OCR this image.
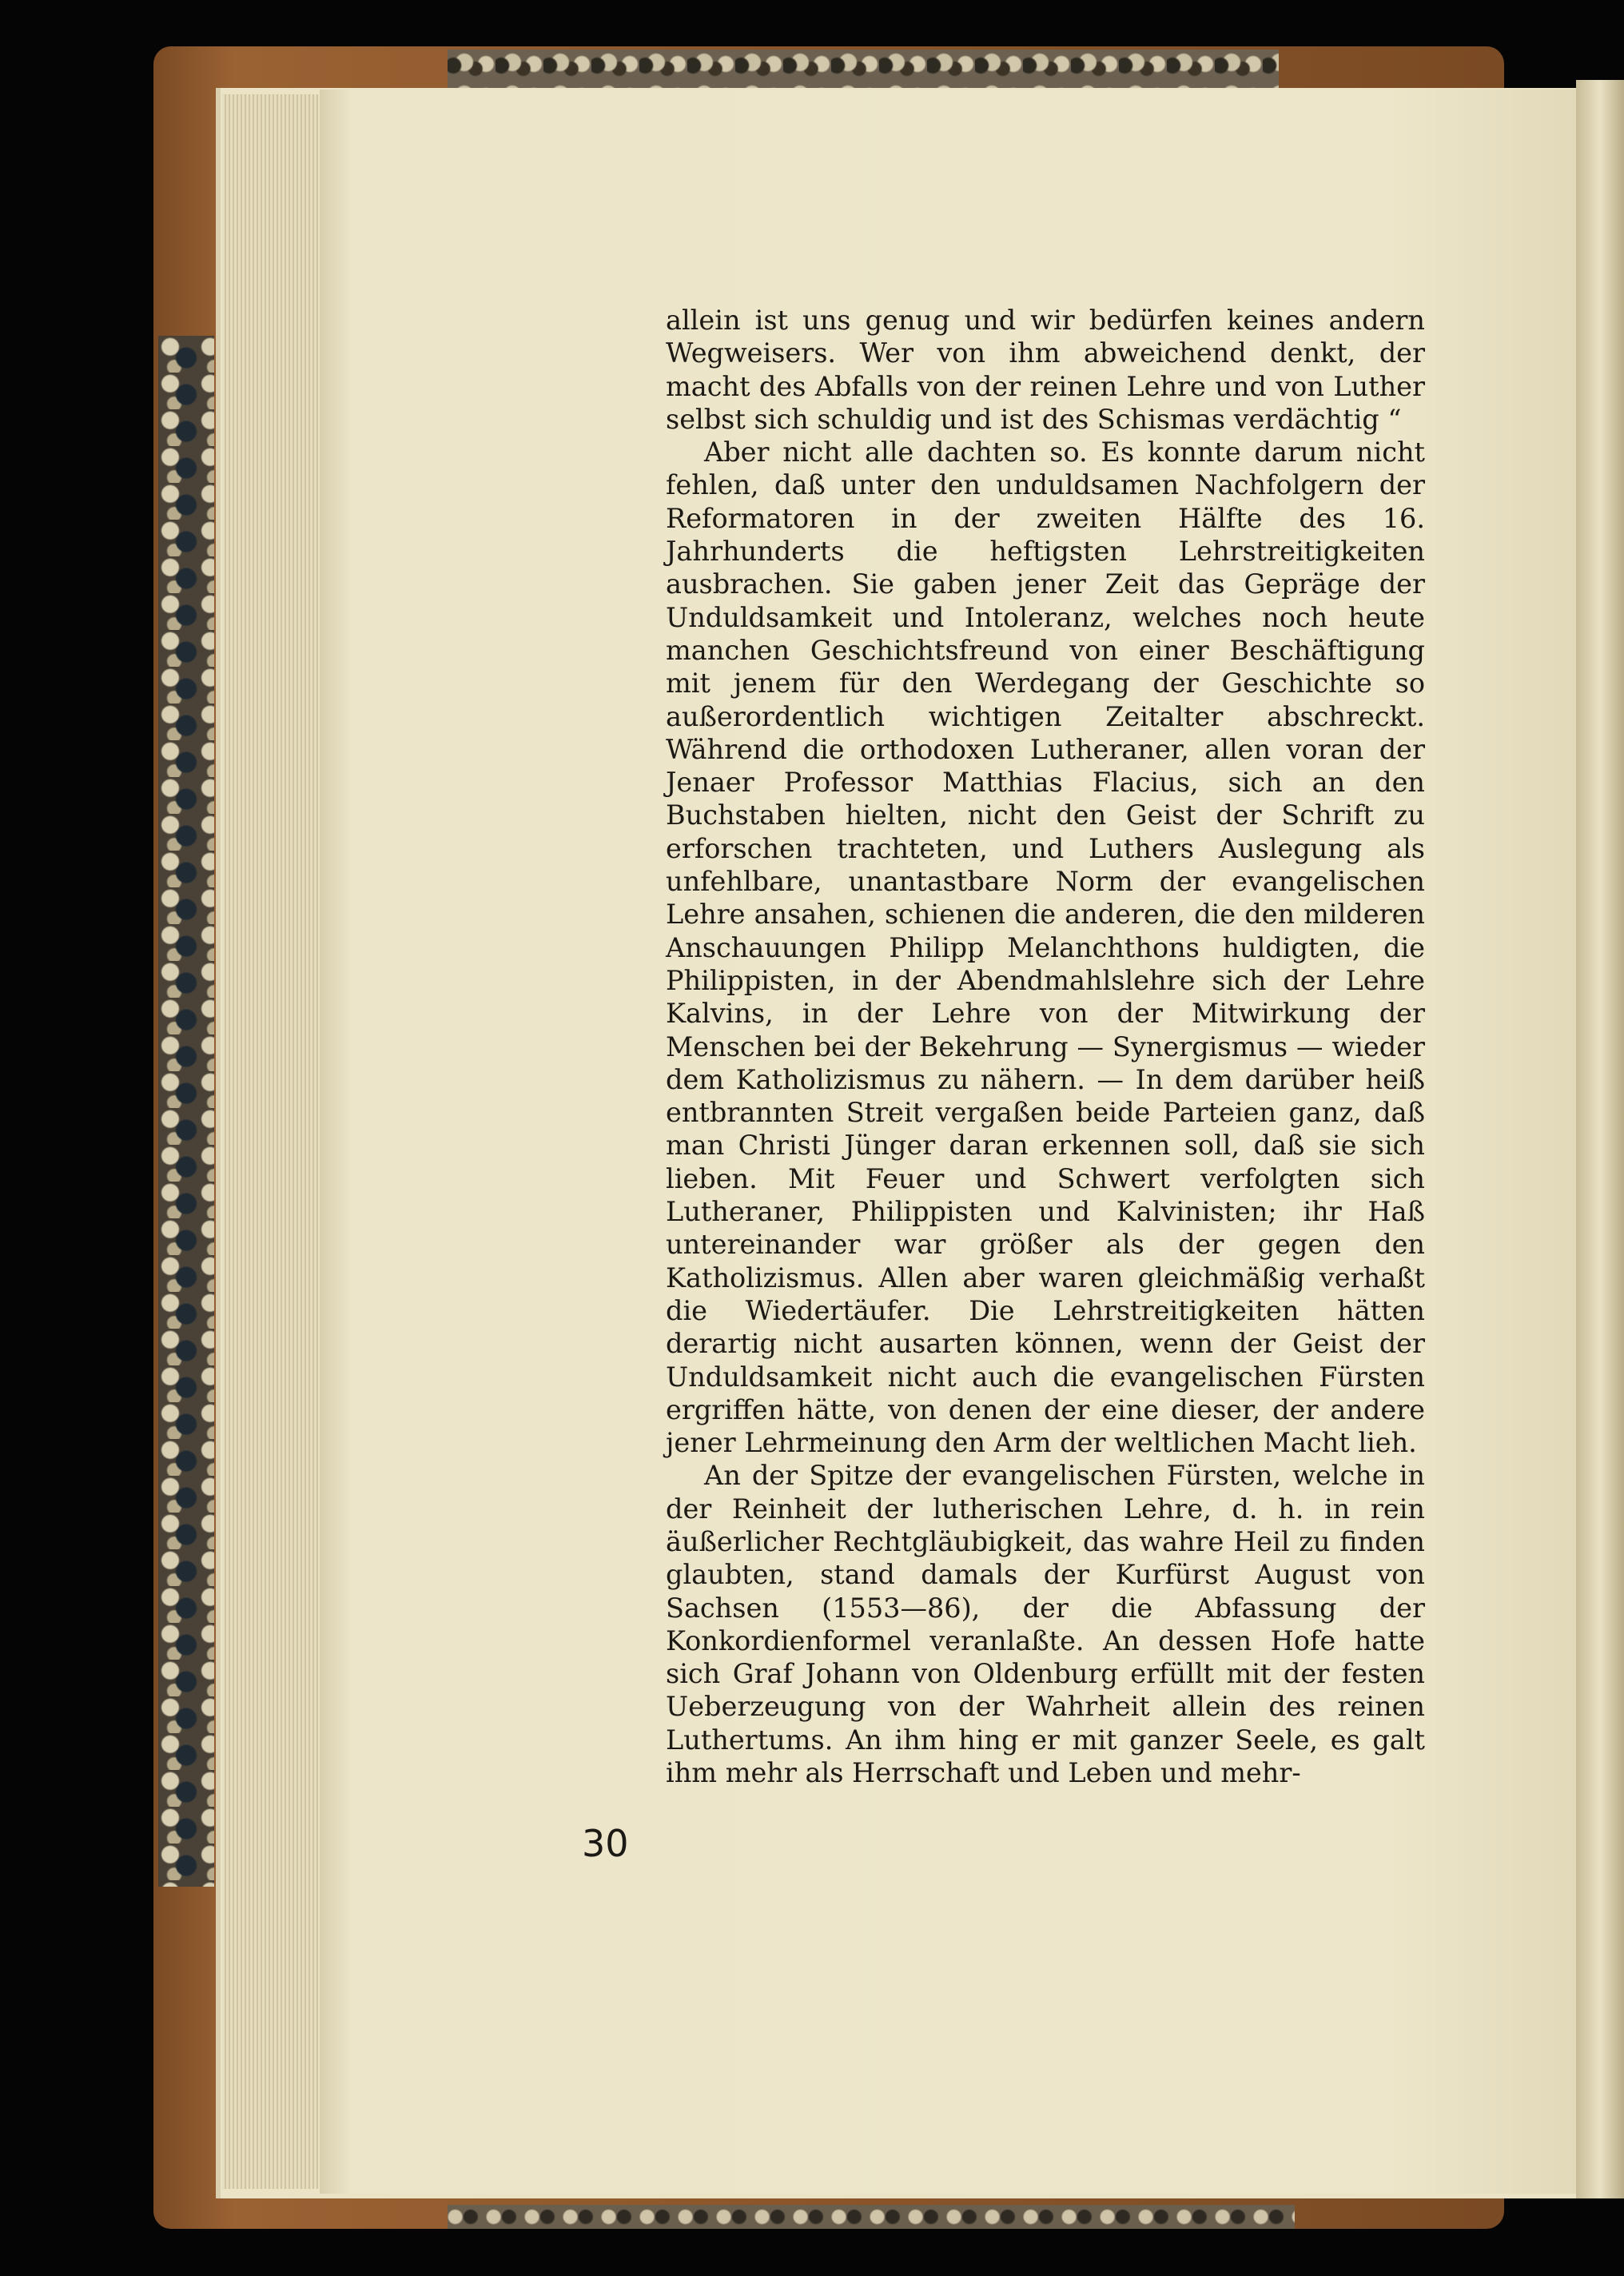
allein ist uns genug und wir bedürfen keines andern Wegweisers. Wer von ihm abweichend denkt, der macht des Abfalls von der reinen Lehre und von Luther selbst sich schuldig und ist des Schismas verdächtig “

Aber nicht alle dachten so. Es konnte darum nicht fehlen, daß unter den unduldsamen Nachfolgern der Reformatoren in der zweiten Hälfte des 16. Jahrhunderts die heftigsten Lehrstreitigkeiten ausbrachen. Sie gaben jener Zeit das Gepräge der Unduldsamkeit und Intoleranz, welches noch heute manchen Geschichtsfreund von einer Beschäftigung mit jenem für den Werdegang der Geschichte so außerordentlich wichtigen Zeitalter abschreckt. Während die orthodoxen Lutheraner, allen voran der Jenaer Professor Matthias Flacius, sich an den Buchstaben hielten, nicht den Geist der Schrift zu erforschen trachteten, und Luthers Auslegung als unfehlbare, unantastbare Norm der evangelischen Lehre ansahen, schienen die anderen, die den milderen Anschauungen Philipp Melanchthons huldigten, die Philippisten, in der Abendmahlslehre sich der Lehre Kalvins, in der Lehre von der Mitwirkung der Menschen bei der Bekehrung — Synergismus — wieder dem Katholizismus zu nähern. — In dem darüber heiß entbrannten Streit vergaßen beide Parteien ganz, daß man Christi Jünger daran erkennen soll, daß sie sich lieben. Mit Feuer und Schwert verfolgten sich Lutheraner, Philippisten und Kalvinisten; ihr Haß untereinander war größer als der gegen den Katholizismus. Allen aber waren gleichmäßig verhaßt die Wiedertäufer. Die Lehrstreitigkeiten hätten derartig nicht ausarten können, wenn der Geist der Unduldsamkeit nicht auch die evangelischen Fürsten ergriffen hätte, von denen der eine dieser, der andere jener Lehrmeinung den Arm der weltlichen Macht lieh.

An der Spitze der evangelischen Fürsten, welche in der Reinheit der lutherischen Lehre, d. h. in rein äußerlicher Rechtgläubigkeit, das wahre Heil zu finden glaubten, stand damals der Kurfürst August von Sachsen (1553—86), der die Abfassung der Konkordienformel veranlaßte. An dessen Hofe hatte sich Graf Johann von Oldenburg erfüllt mit der festen Ueberzeugung von der Wahrheit allein des reinen Luthertums. An ihm hing er mit ganzer Seele, es galt ihm mehr als Herrschaft und Leben und mehr-

30
